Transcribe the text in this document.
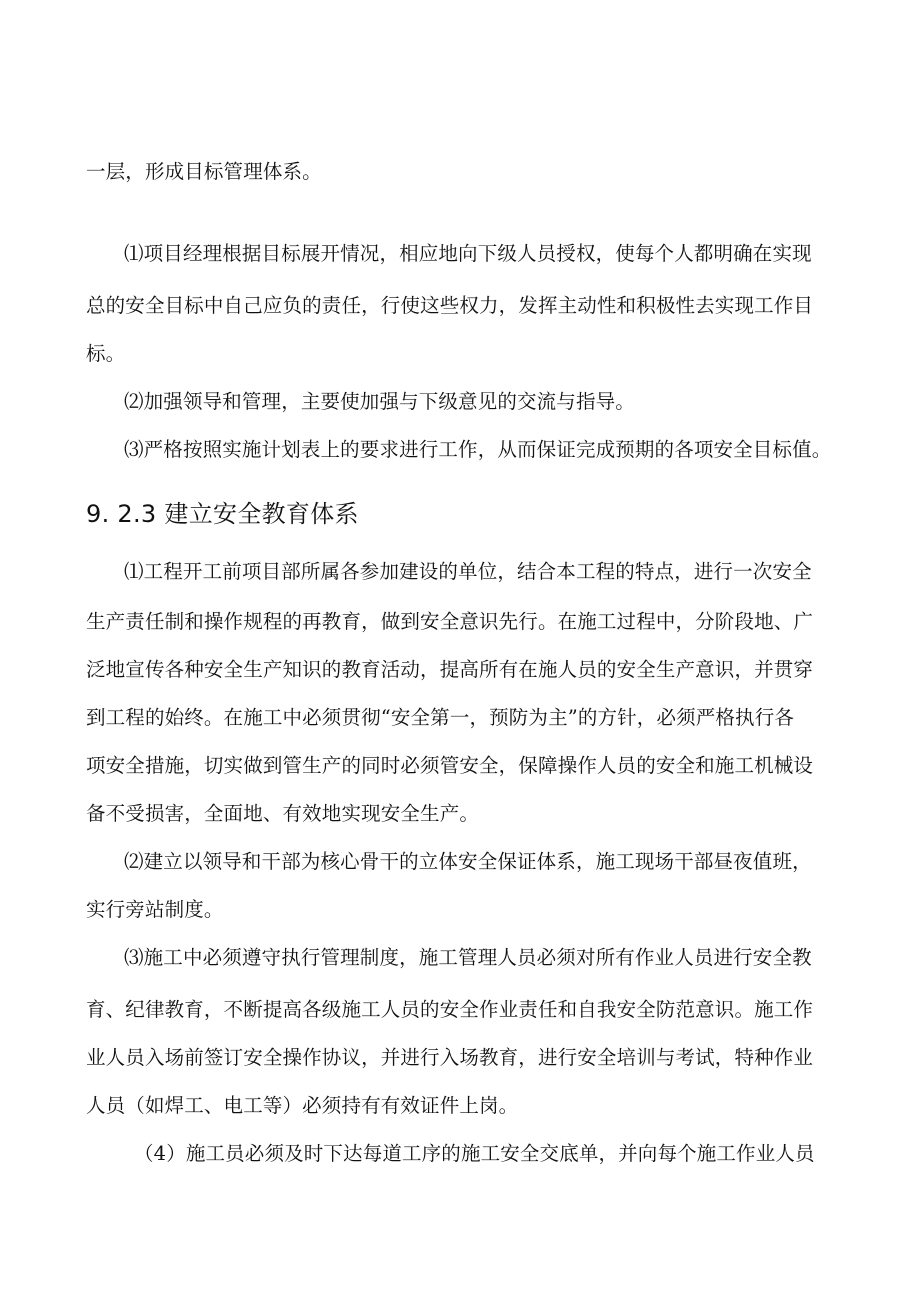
一层，形成目标管理体系。
⑴项目经理根据目标展开情况，相应地向下级人员授权，使每个人都明确在实现
总的安全目标中自己应负的责任，行使这些权力，发挥主动性和积极性去实现工作目
标。
⑵加强领导和管理，主要使加强与下级意见的交流与指导。
⑶严格按照实施计划表上的要求进行工作，从而保证完成预期的各项安全目标值。
9. 2.3 建立安全教育体系
⑴工程开工前项目部所属各参加建设的单位，结合本工程的特点，进行一次安全
生产责任制和操作规程的再教育，做到安全意识先行。在施工过程中，分阶段地、广
泛地宣传各种安全生产知识的教育活动，提高所有在施人员的安全生产意识，并贯穿
到工程的始终。在施工中必须贯彻“安全第一，预防为主”的方针，必须严格执行各
项安全措施，切实做到管生产的同时必须管安全，保障操作人员的安全和施工机械设
备不受损害，全面地、有效地实现安全生产。
⑵建立以领导和干部为核心骨干的立体安全保证体系，施工现场干部昼夜值班，
实行旁站制度。
⑶施工中必须遵守执行管理制度，施工管理人员必须对所有作业人员进行安全教
育、纪律教育，不断提高各级施工人员的安全作业责任和自我安全防范意识。施工作
业人员入场前签订安全操作协议，并进行入场教育，进行安全培训与考试，特种作业
人员（如焊工、电工等）必须持有有效证件上岗。
（4）施工员必须及时下达每道工序的施工安全交底单，并向每个施工作业人员
